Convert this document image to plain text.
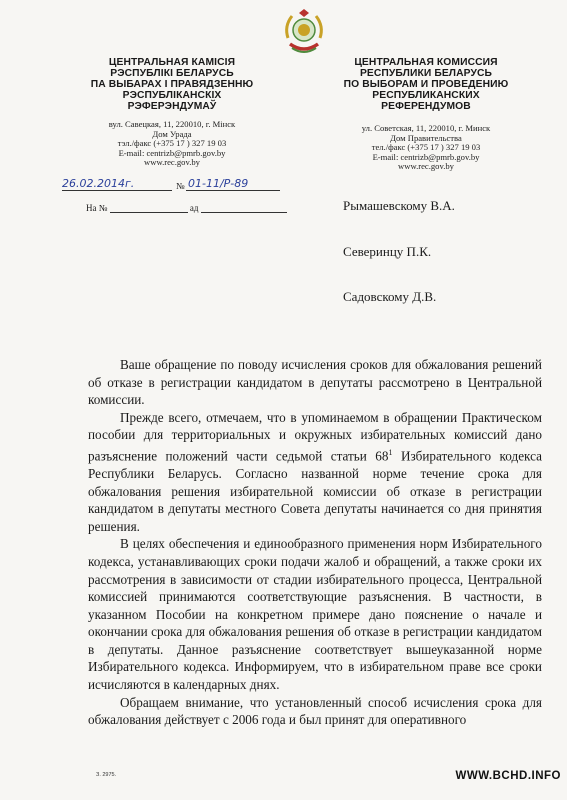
ЦЕНТРАЛЬНАЯ КАМІСІЯ
РЭСПУБЛІКІ БЕЛАРУСЬ
ПА ВЫБАРАХ І ПРАВЯДЗЕННЮ
РЭСПУБЛІКАНСКІХ
РЭФЕРЭНДУМАЎ
вул. Савецкая, 11, 220010, г. Мінск
Дом Урада
тэл./факс (+375 17 ) 327 19 03
E-mail: centrizb@pmrb.gov.by
www.rec.gov.by
ЦЕНТРАЛЬНАЯ КОМИССИЯ
РЕСПУБЛИКИ БЕЛАРУСЬ
ПО ВЫБОРАМ И ПРОВЕДЕНИЮ
РЕСПУБЛИКАНСКИХ
РЕФЕРЕНДУМОВ
ул. Советская, 11, 220010, г. Минск
Дом Правительства
тел./факс (+375 17 ) 327 19 03
E-mail: centrizb@pmrb.gov.by
www.rec.gov.by
26.02.2014г.	№ 01-11/Р-89
На №	ад	Рымашевскому В.А.
Северинцу П.К.
Садовскому Д.В.

Ваше обращение по поводу исчисления сроков для обжалования решений об отказе в регистрации кандидатом в депутаты рассмотрено в Центральной комиссии.

Прежде всего, отмечаем, что в упоминаемом в обращении Практическом пособии для территориальных и окружных избирательных комиссий дано разъяснение положений части седьмой статьи $68^1$ Избирательного кодекса Республики Беларусь. Согласно названной норме течение срока для обжалования решения избирательной комиссии об отказе в регистрации кандидатом в депутаты местного Совета депутаты начинается со дня принятия решения.

В целях обеспечения и единообразного применения норм Избирательного кодекса, устанавливающих сроки подачи жалоб и обращений, а также сроки их рассмотрения в зависимости от стадии избирательного процесса, Центральной комиссией принимаются соответствующие разъяснения. В частности, в указанном Пособии на конкретном примере дано пояснение о начале и окончании срока для обжалования решения об отказе в регистрации кандидатом в депутаты. Данное разъяснение соответствует вышеуказанной норме Избирательного кодекса. Информируем, что в избирательном праве все сроки исчисляются в календарных днях.

Обращаем внимание, что установленный способ исчисления срока для обжалования действует с 2006 года и был принят для оперативного

З. 2975.	WWW.BCHD.INFO
